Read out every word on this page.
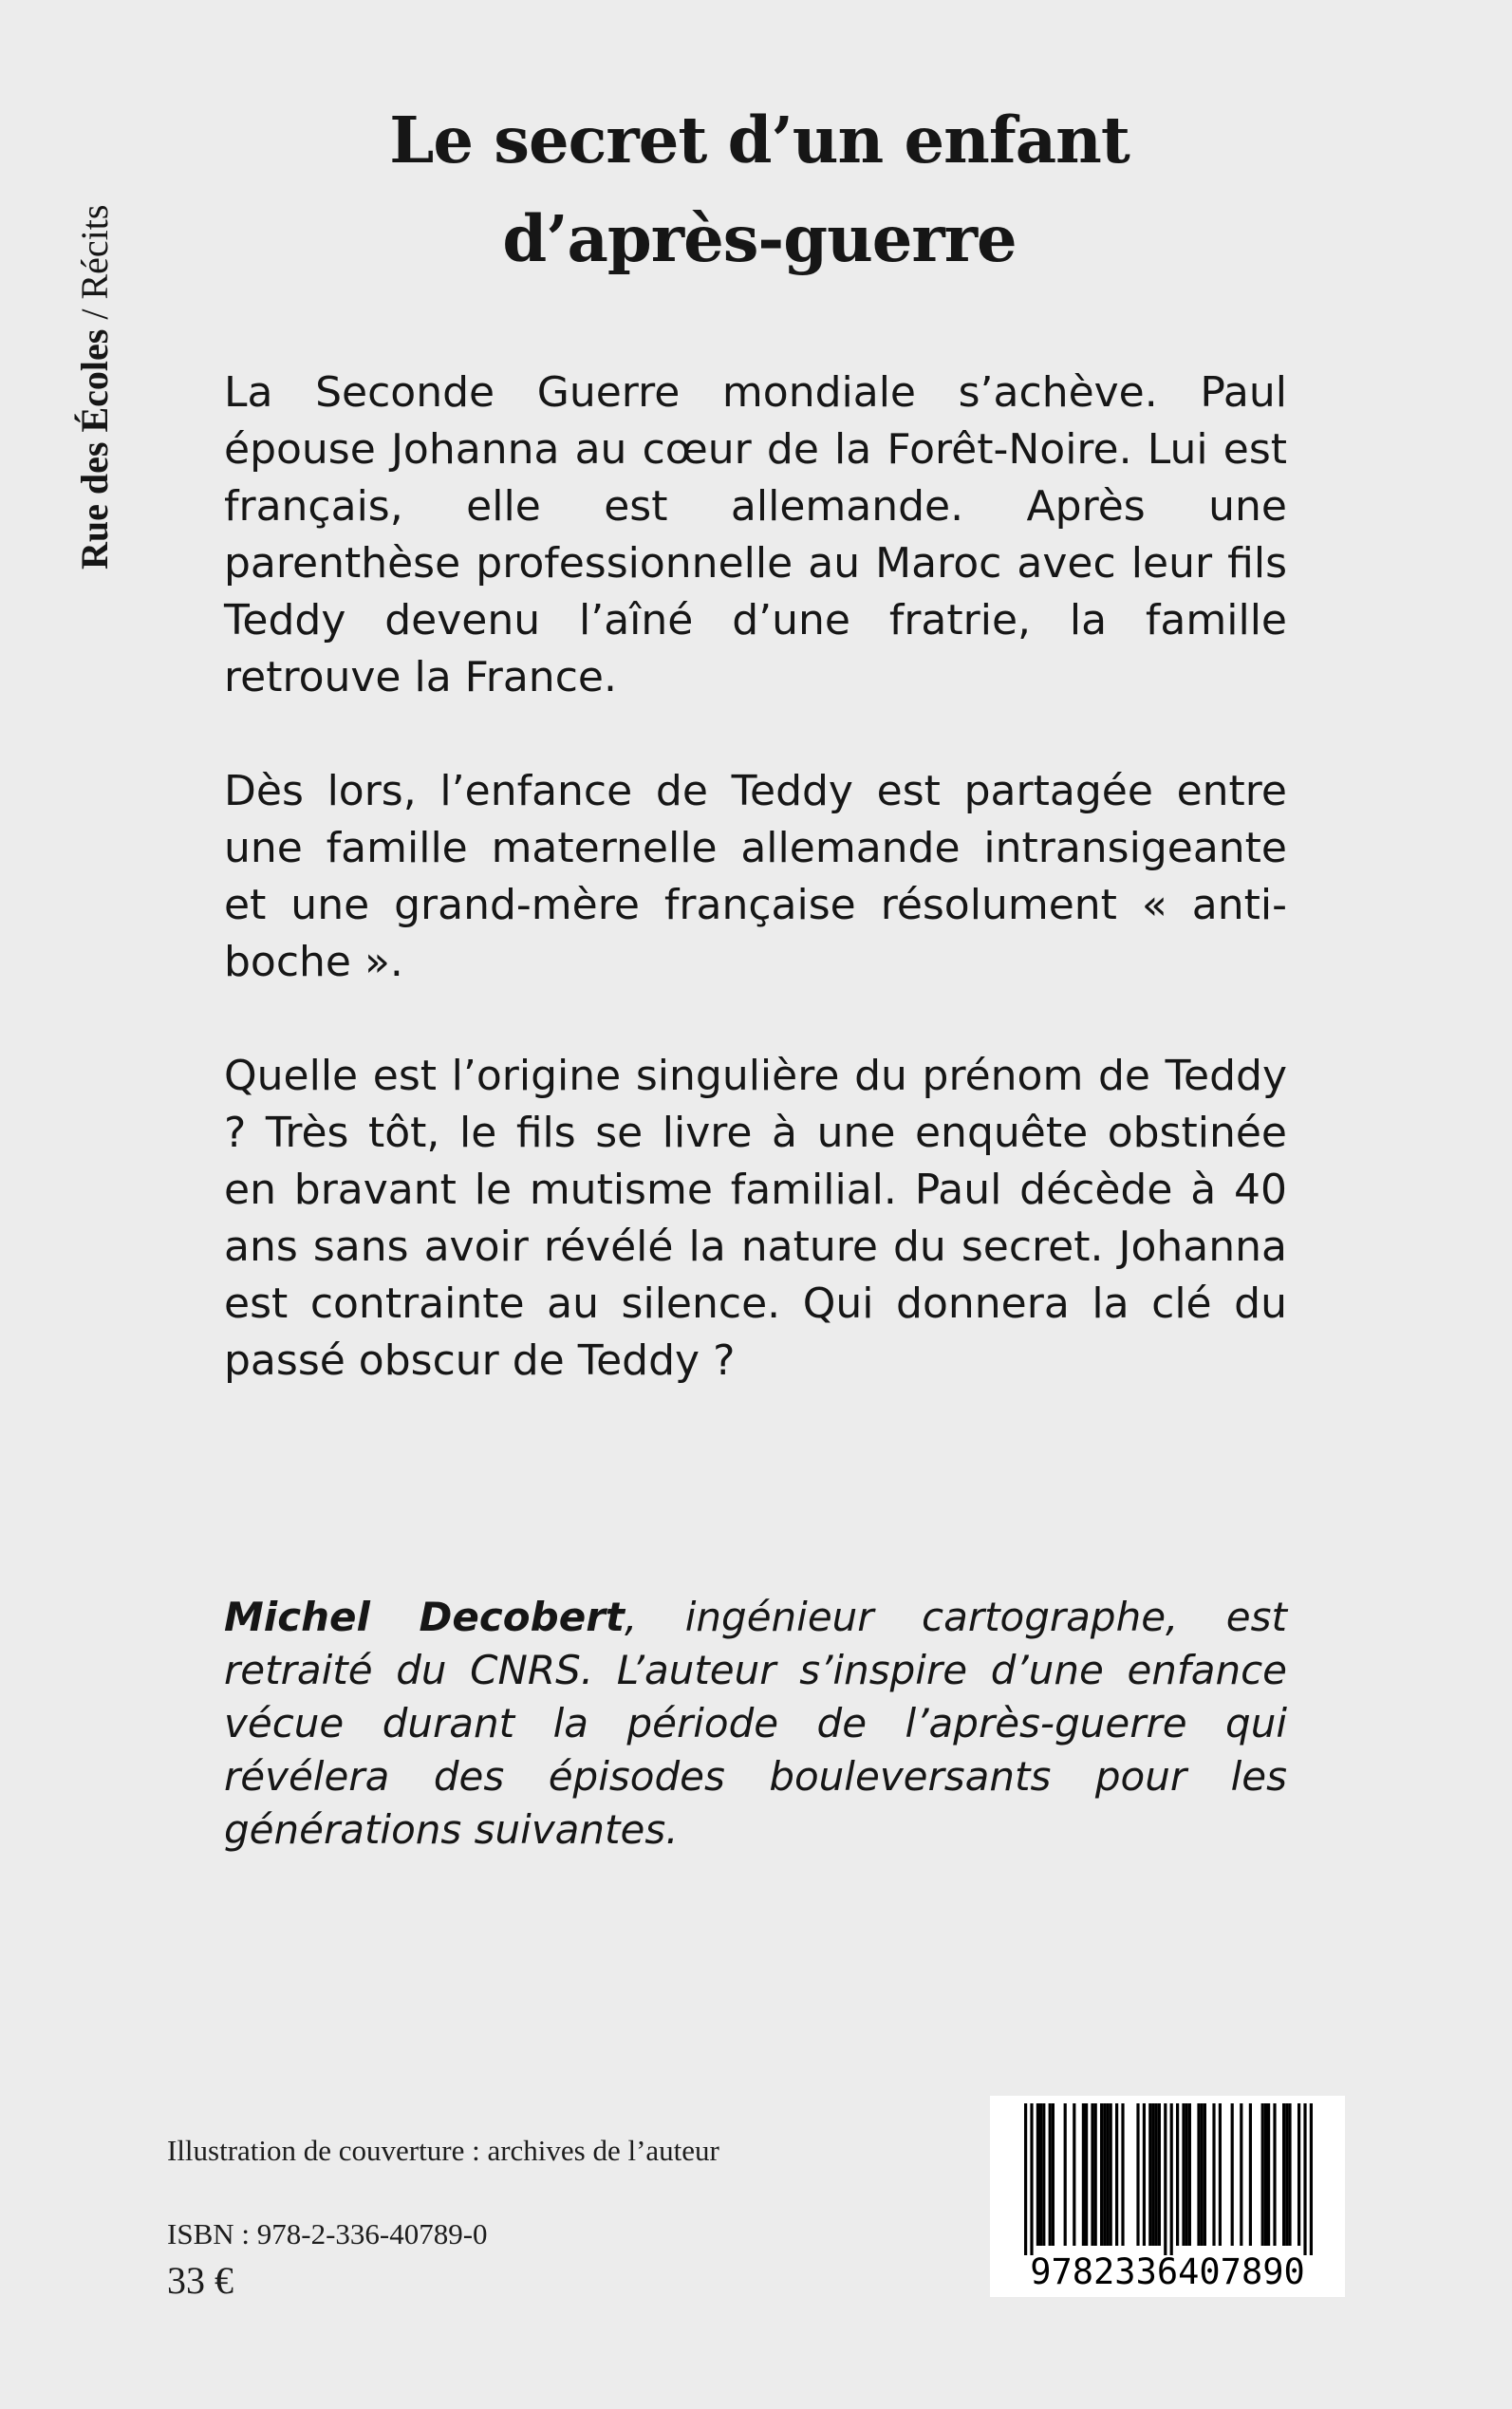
Rue des Écoles / Récits
Le secret d’un enfant
d’après-guerre

La Seconde Guerre mondiale s’achève. Paul épouse Johanna au cœur de la Forêt-Noire. Lui est français, elle est allemande. Après une parenthèse professionnelle au Maroc avec leur fils Teddy devenu l’aîné d’une fratrie, la famille retrouve la France.

Dès lors, l’enfance de Teddy est partagée entre une famille maternelle allemande intransigeante et une grand-mère française résolument « anti-boche ».

Quelle est l’origine singulière du prénom de Teddy ? Très tôt, le fils se livre à une enquête obstinée en bravant le mutisme familial. Paul décède à 40 ans sans avoir révélé la nature du secret. Johanna est contrainte au silence. Qui donnera la clé du passé obscur de Teddy ?

Michel Decobert, ingénieur cartographe, est retraité du CNRS. L’auteur s’inspire d’une enfance vécue durant la période de l’après-guerre qui révélera des épisodes bouleversants pour les générations suivantes.

Illustration de couverture : archives de l’auteur
ISBN : 978-2-336-40789-0
33 €	9782336407890
